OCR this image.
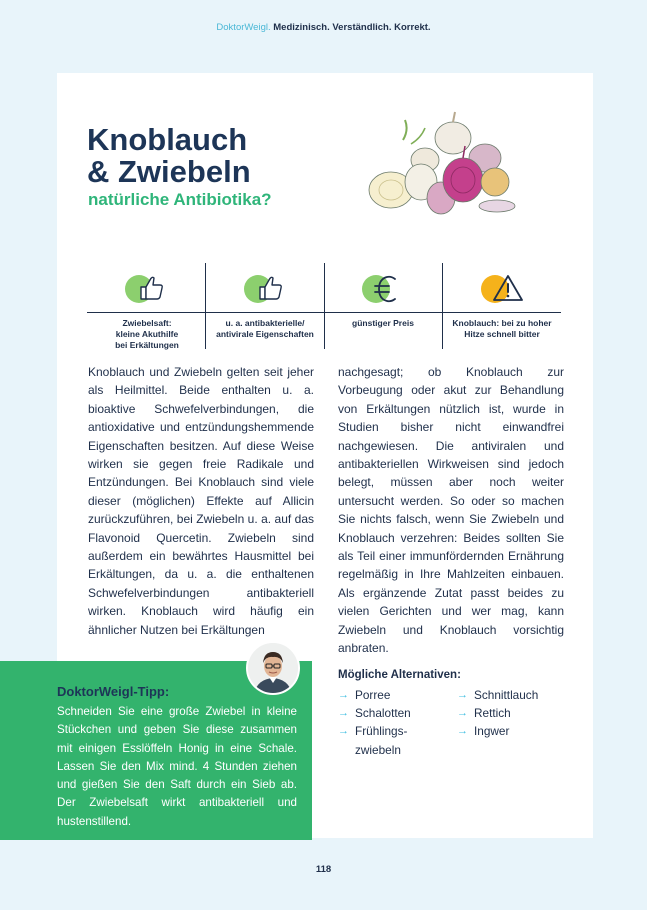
DoktorWeigl. Medizinisch. Verständlich. Korrekt.
Knoblauch
& Zwiebeln
natürliche Antibiotika?
Zwiebelsaft:
kleine Akuthilfe
bei Erkältungen
u. a. antibakterielle/
antivirale Eigenschaften
günstiger Preis	Knoblauch: bei zu hoher
Hitze schnell bitter

Knoblauch und Zwiebeln gelten seit jeher als Heilmittel. Beide enthalten u. a. bioaktive Schwefelverbindungen, die antioxidative und entzündungshemmende Eigenschaften besitzen. Auf diese Weise wirken sie gegen freie Radikale und Entzündungen. Bei Knoblauch sind viele dieser (möglichen) Effekte auf Allicin zurückzuführen, bei Zwiebeln u. a. auf das Flavonoid Quercetin. Zwiebeln sind außerdem ein bewährtes Hausmittel bei Erkältungen, da u. a. die enthaltenen Schwefelverbindungen antibakteriell wirken. Knoblauch wird häufig ein ähnlicher Nutzen bei Erkältungen

nachgesagt; ob Knoblauch zur Vorbeugung oder akut zur Behandlung von Erkältungen nützlich ist, wurde in Studien bisher nicht einwandfrei nachgewiesen. Die antiviralen und antibakteriellen Wirkweisen sind jedoch belegt, müssen aber noch weiter untersucht werden. So oder so machen Sie nichts falsch, wenn Sie Zwiebeln und Knoblauch verzehren: Beides sollten Sie als Teil einer immunfördernden Ernährung regelmäßig in Ihre Mahlzeiten einbauen. Als ergänzende Zutat passt beides zu vielen Gerichten und wer mag, kann Zwiebeln und Knoblauch vorsichtig anbraten.

DoktorWeigl-Tipp:

Schneiden Sie eine große Zwiebel in kleine Stückchen und geben Sie diese zusammen mit einigen Esslöffeln Honig in eine Schale. Lassen Sie den Mix mind. 4 Stunden ziehen und gießen Sie den Saft durch ein Sieb ab. Der Zwiebelsaft wirkt antibakteriell und hustenstillend.

Mögliche Alternativen:
→ Porree
→ Schalotten
→ Frühlings-zwiebeln
→ Schnittlauch
→ Rettich
→ Ingwer
118
